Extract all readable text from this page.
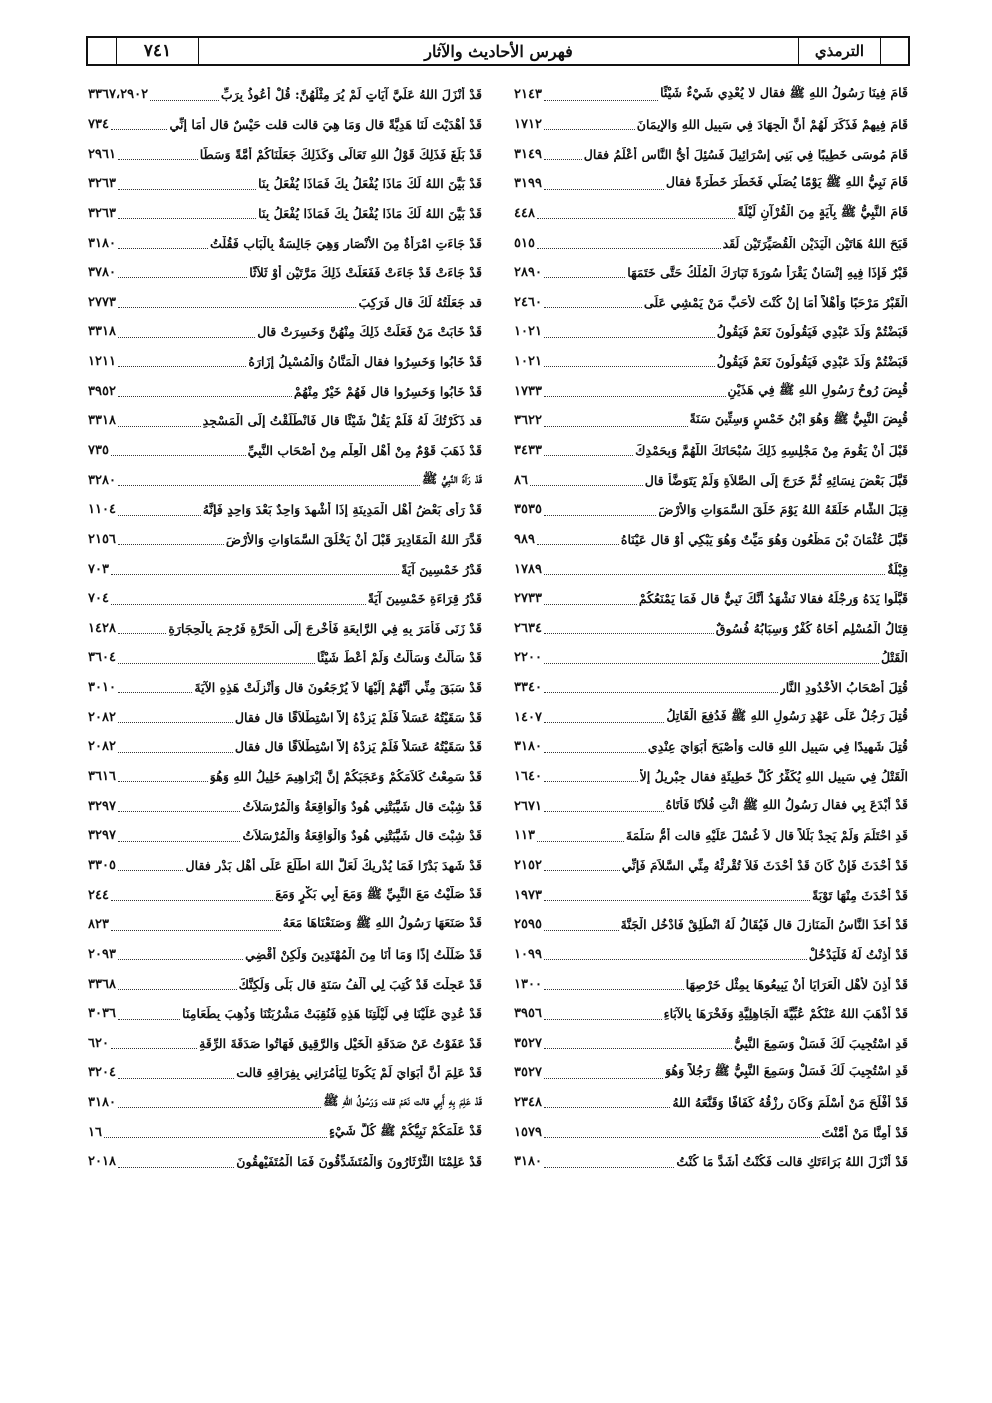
الترمذي
فهرس الأحاديث والآثار
٧٤١
قَامَ فِينَا رَسُولُ اللهِ ﷺ فقال لا يُعْدِي شَيْءٌ شَيْئًا
٢١٤٣
قَامَ فِيهِمْ فَذَكَرَ لَهُمْ أَنَّ الْجِهَادَ فِي سَبِيلِ اللهِ وَالإِيمَانَ
١٧١٢
قَامَ مُوسَى خَطِيبًا فِي بَنِي إِسْرَائِيلَ فَسُئِلَ أَيُّ النَّاسِ أَعْلَمُ فقال
٣١٤٩
قَامَ نَبِيُّ اللهِ ﷺ يَوْمًا يُصَلِّي فَخَطَرَ خَطْرَةً فقال
٣١٩٩
قَامَ النَّبِيُّ ﷺ بِآيَةٍ مِنَ الْقُرْآنِ لَيْلَةً
٤٤٨
قَبَحَ اللهُ هَاتَيْنِ الْيَدَيْنِ الْقُصَيِّرَتَيْنِ لَقَد
٥١٥
قَبْرٌ فَإِذَا فِيهِ إِنْسَانٌ يَقْرَأُ سُورَةَ تَبَارَكَ الْمُلْكُ حَتَّى خَتَمَهَا
٢٨٩٠
الْقَبْرُ مَرْحَبًا وَأَهْلاً أَمَا إِنْ كُنْتَ لأَحَبَّ مَنْ يَمْشِي عَلَى
٢٤٦٠
قَبَضْتُمْ وَلَدَ عَبْدِي فَيَقُولُونَ نَعَمْ فَيَقُولُ
١٠٢١
قَبَضْتُمْ وَلَدَ عَبْدِي فَيَقُولُونَ نَعَمْ فَيَقُولُ
١٠٢١
قُبِضَ رُوحُ رَسُولِ اللهِ ﷺ فِي هَذَيْنِ
١٧٣٣
قُبِضَ النَّبِيُّ ﷺ وَهُوَ ابْنُ خَمْسٍ وَسِتِّينَ سَنَةً
٣٦٢٢
قَبْلَ أَنْ يَقُومَ مِنْ مَجْلِسِهِ ذَلِكَ سُبْحَانَكَ اللَّهُمَّ وَبِحَمْدِكَ
٣٤٣٣
قَبَّلَ بَعْضَ نِسَائِهِ ثُمَّ خَرَجَ إِلَى الصَّلاَةِ وَلَمْ يَتَوَضَّأْ قال
٨٦
قِبَلَ الشَّامِ خَلَقَهُ اللهُ يَوْمَ خَلَقَ السَّمَوَاتِ وَالأَرْضَ
٣٥٣٥
قَبَّلَ عُثْمَانَ بْنَ مَظْعُونٍ وَهُوَ مَيِّتٌ وَهُوَ يَبْكِي أَوْ قال عَيْنَاهُ
٩٨٩
قِبْلَةٌ
١٧٨٩
قَبَّلُوا يَدَهُ وَرِجْلَهُ فقالا نَشْهَدُ أَنَّكَ نَبِيٌّ قال فَمَا يَمْنَعُكُمْ
٢٧٣٣
قِتَالُ الْمُسْلِمِ أَخَاهُ كُفْرٌ وَسِبَابُهُ فُسُوقٌ
٢٦٣٤
الْقَتْلُ
٢٢٠٠
قُتِلَ أَصْحَابُ الأُخْدُودِ النَّارِ
٣٣٤٠
قُتِلَ رَجُلٌ عَلَى عَهْدِ رَسُولِ اللهِ ﷺ فَدُفِعَ الْقَاتِلُ
١٤٠٧
قُتِلَ شَهِيدًا فِي سَبِيلِ اللهِ قالت وَأَصْبَحَ أَبَوَايَ عِنْدِي
٣١٨٠
الْقَتْلُ فِي سَبِيلِ اللهِ يُكَفِّرُ كُلَّ خَطِيئَةٍ فقال جِبْرِيلُ إِلاَّ
١٦٤٠
قَدْ أَبْدَعَ بِي فقال رَسُولُ اللهِ ﷺ ائْتِ فُلاَنًا فَأَتَاهُ
٢٦٧١
قَدِ احْتَلَمَ وَلَمْ يَجِدْ بَلَلاً قال لاَ غُسْلَ عَلَيْهِ قالت أُمُّ سَلَمَةَ
١١٣
قَدْ أَحْدَثَ فَإِنْ كَانَ قَدْ أَحْدَثَ فَلاَ تُقْرِئْهُ مِنِّي السَّلاَمَ فَإِنِّي
٢١٥٢
قَدْ أَحْدَثَ مِنْهَا تَوْبَةً
١٩٧٣
قَدْ أَخَذَ النَّاسُ الْمَنَازِلَ قال فَيُقَالُ لَهُ انْطَلِقْ فَادْخُلِ الْجَنَّةَ
٢٥٩٥
قَدْ أَذِنْتُ لَهُ فَلْيَدْخُلْ
١٠٩٩
قَدْ أَذِنَ لأَهْلِ الْعَرَايَا أَنْ يَبِيعُوهَا بِمِثْلِ خَرْصِهَا
١٣٠٠
قَدْ أَذْهَبَ اللهُ عَنْكُمْ عُبِّيَّةَ الْجَاهِلِيَّةِ وَفَخْرَهَا بِالآبَاءِ
٣٩٥٦
قَدِ اسْتُجِيبَ لَكَ فَسَلْ وَسَمِعَ النَّبِيُّ
٣٥٢٧
قَدِ اسْتُجِيبَ لَكَ فَسَلْ وَسَمِعَ النَّبِيُّ ﷺ رَجُلاً وَهُوَ
٣٥٢٧
قَدْ أَفْلَحَ مَنْ أَسْلَمَ وَكَانَ رِزْقُهُ كَفَافًا وَقَنَّعَهُ اللهُ
٢٣٤٨
قَدْ أَمِنَّا مَنْ أَمَّنْتَ
١٥٧٩
قَدْ أَنْزَلَ اللهُ بَرَاءَتَكِ قالت فَكُنْتُ أَشَدَّ مَا كُنْتُ
٣١٨٠
قَدْ أَنْزَلَ اللهُ عَلَيَّ آيَاتٍ لَمْ يُرَ مِثْلُهُنَّ: قُلْ أَعُوذُ بِرَبِّ
٣٣٦٧،٢٩٠٢
قَدْ أَهْدَيْتَ لَنَا هَدِيَّةً قال وَمَا هِيَ قالت قلت حَيْسٌ قال أَمَا إِنِّي
٧٣٤
قَدْ بَلَغَ فَذَلِكَ قَوْلُ اللهِ تَعَالَى وَكَذَلِكَ جَعَلْنَاكُمْ أُمَّةً وَسَطًا
٢٩٦١
قَدْ بَيَّنَ اللهُ لَكَ مَاذَا يُفْعَلُ بِكَ فَمَاذَا يُفْعَلُ بِنَا
٣٢٦٣
قَدْ بَيَّنَ اللهُ لَكَ مَاذَا يُفْعَلُ بِكَ فَمَاذَا يُفْعَلُ بِنَا
٣٢٦٣
قَدْ جَاءَتِ امْرَأَةٌ مِنَ الأَنْصَارِ وَهِيَ جَالِسَةٌ بِالْبَابِ فَقُلْتُ
٣١٨٠
قَدْ جَاءَتْ قَدْ جَاءَتْ فَفَعَلَتْ ذَلِكَ مَرَّتَيْنِ أَوْ ثَلاَثًا
٣٧٨٠
قد جَعَلْتُهُ لَكَ قال فَرَكِبَ
٢٧٧٣
قَدْ خَابَتْ مَنْ فَعَلَتْ ذَلِكَ مِنْهُنَّ وَخَسِرَتْ قال
٣٣١٨
قَدْ خَابُوا وَخَسِرُوا فقال الْمَنَّانُ وَالْمُسْبِلُ إِزَارَهُ
١٢١١
قَدْ خَابُوا وَخَسِرُوا قال فَهُمْ خَيْرٌ مِنْهُمْ
٣٩٥٢
قد ذَكَرْتُكَ لَهُ فَلَمْ يَقُلْ شَيْئًا قال فَانْطَلَقْتُ إِلَى الْمَسْجِدِ
٣٣١٨
قَدْ ذَهَبَ قَوْمٌ مِنْ أَهْلِ الْعِلْمِ مِنْ أَصْحَابِ النَّبِيِّ
٧٣٥
قَدْ رَآهُ النَّبِيُّ ﷺ
٣٢٨٠
قَدْ رَأَى بَعْضُ أَهْلِ الْمَدِينَةِ إِذَا أُشْهِدَ وَاحِدٌ بَعْدَ وَاحِدٍ فَإِنَّهُ
١١٠٤
قَدَّرَ اللهُ الْمَقَادِيرَ قَبْلَ أَنْ يَخْلُقَ السَّمَاوَاتِ وَالأَرْضَ
٢١٥٦
قَدْرُ خَمْسِينَ آيَةً
٧٠٣
قَدْرُ قِرَاءَةِ خَمْسِينَ آيَةً
٧٠٤
قَدْ زَنَى فَأَمَرَ بِهِ فِي الرَّابِعَةِ فَأُخْرِجَ إِلَى الْحَرَّةِ فَرُجِمَ بِالْحِجَارَةِ
١٤٢٨
قَدْ سَأَلْتُ وَسَأَلْتُ وَلَمْ أُعْطَ شَيْئًا
٣٦٠٤
قَدْ سَبَقَ مِنِّي أَنَّهُمْ إِلَيْهَا لاَ يُرْجَعُونَ قال وَأُنْزِلَتْ هَذِهِ الآيَةَ
٣٠١٠
قَدْ سَقَيْتُهُ عَسَلاً فَلَمْ يَزِدْهُ إِلاَّ اسْتِطْلاَقًا قال فقال
٢٠٨٢
قَدْ سَقَيْتُهُ عَسَلاً فَلَمْ يَزِدْهُ إِلاَّ اسْتِطْلاَقًا قال فقال
٢٠٨٢
قَدْ سَمِعْتُ كَلاَمَكُمْ وَعَجَبَكُمْ إِنَّ إِبْرَاهِيمَ خَلِيلُ اللهِ وَهُوَ
٣٦١٦
قَدْ شِبْتَ قال شَيَّبَتْنِي هُودٌ وَالْوَاقِعَةُ وَالْمُرْسَلاَتُ
٣٢٩٧
قَدْ شِبْتَ قال شَيَّبَتْنِي هُودٌ وَالْوَاقِعَةُ وَالْمُرْسَلاَتُ
٣٢٩٧
قَدْ شَهِدَ بَدْرًا فَمَا يُدْرِيكَ لَعَلَّ اللهَ اطَّلَعَ عَلَى أَهْلِ بَدْرٍ فقال
٣٣٠٥
قَدْ صَلَّيْتُ مَعَ النَّبِيِّ ﷺ وَمَعَ أَبِي بَكْرٍ وَمَعَ
٢٤٤
قَدْ صَنَعَهَا رَسُولُ اللهِ ﷺ وَصَنَعْنَاهَا مَعَهُ
٨٢٣
قَدْ ضَلَلْتُ إِذًا وَمَا أَنَا مِنَ الْمُهْتَدِينَ وَلَكِنْ أَقْضِي
٢٠٩٣
قَدْ عَجِلْتَ قَدْ كُتِبَ لِي أَلْفُ سَنَةٍ قال بَلَى وَلَكِنَّكَ
٣٣٦٨
قَدْ عُدِيَ عَلَيْنَا فِي لَيْلَتِنَا هَذِهِ فَنُقِبَتْ مَشْرُبَتُنَا وَذُهِبَ بِطَعَامِنَا
٣٠٣٦
قَدْ عَفَوْتُ عَنْ صَدَقَةِ الْخَيْلِ وَالرَّقِيقِ فَهَاتُوا صَدَقَةَ الرِّقَةِ
٦٢٠
قَدْ عَلِمَ أَنَّ أَبَوَايَ لَمْ يَكُونَا لِيَأْمُرَانِي بِفِرَاقِهِ قالت
٣٢٠٤
قَدْ عَلِمَ بِهِ أَبِي قالت نَعَمْ قلت وَرَسُولُ اللهِ ﷺ
٣١٨٠
قَدْ عَلَّمَكُمْ نَبِيُّكُمْ ﷺ كُلَّ شَيْءٍ
١٦
قَدْ عَلِمْنَا الثَّرْثَارُونَ وَالْمُتَشَدِّقُونَ فَمَا الْمُتَفَيْهِقُونَ
٢٠١٨
